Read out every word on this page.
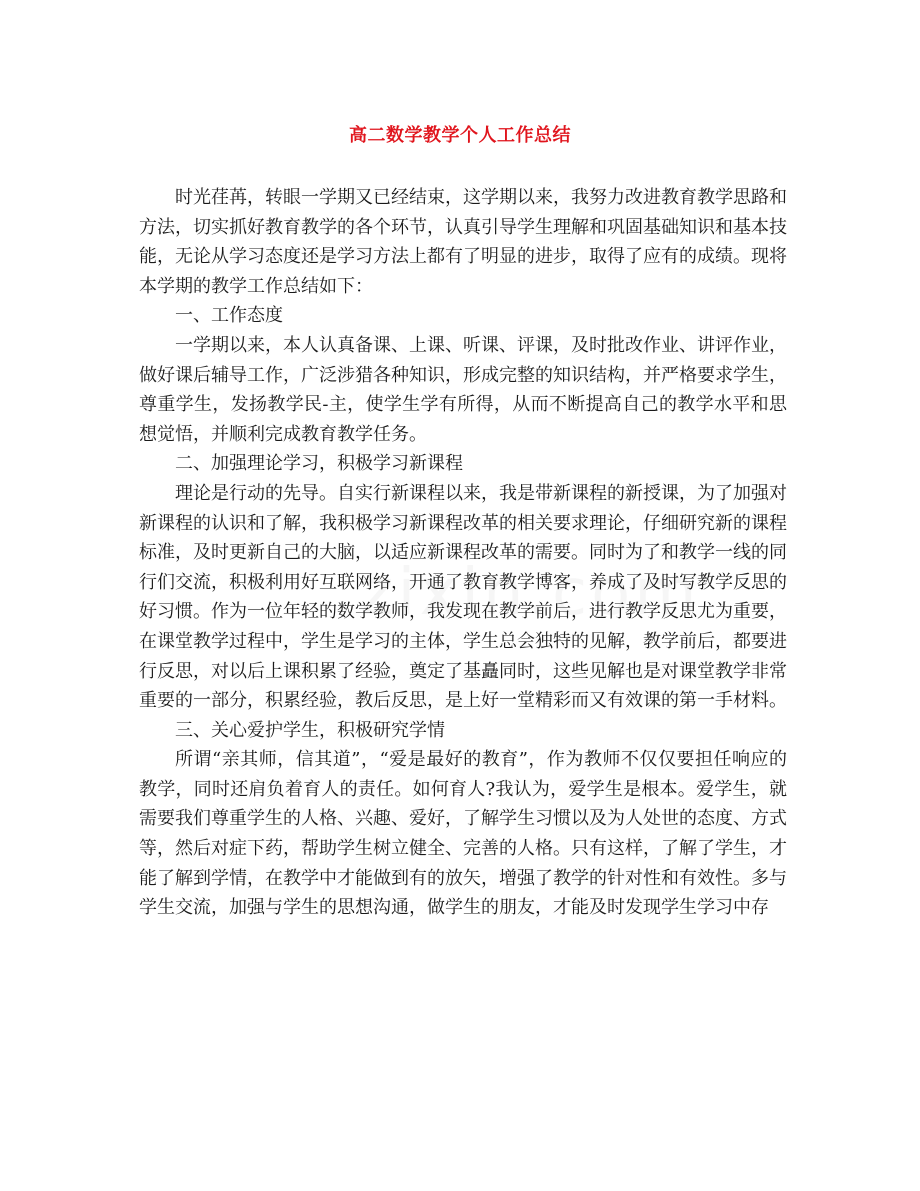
高二数学教学个人工作总结

时光荏苒，转眼一学期又已经结束，这学期以来，我努力改进教育教学思路和方法，切实抓好教育教学的各个环节，认真引导学生理解和巩固基础知识和基本技能，无论从学习态度还是学习方法上都有了明显的进步，取得了应有的成绩。现将本学期的教学工作总结如下：

一、工作态度

一学期以来，本人认真备课、上课、听课、评课，及时批改作业、讲评作业，做好课后辅导工作，广泛涉猎各种知识，形成完整的知识结构，并严格要求学生，尊重学生，发扬教学民-主，使学生学有所得，从而不断提高自己的教学水平和思想觉悟，并顺利完成教育教学任务。

二、加强理论学习，积极学习新课程

理论是行动的先导。自实行新课程以来，我是带新课程的新授课，为了加强对新课程的认识和了解，我积极学习新课程改革的相关要求理论，仔细研究新的课程标准，及时更新自己的大脑，以适应新课程改革的需要。同时为了和教学一线的同行们交流，积极利用好互联网络，开通了教育教学博客，养成了及时写教学反思的好习惯。作为一位年轻的数学教师，我发现在教学前后，进行教学反思尤为重要，在课堂教学过程中，学生是学习的主体，学生总会独特的见解，教学前后，都要进行反思，对以后上课积累了经验，奠定了基矗同时，这些见解也是对课堂教学非常重要的一部分，积累经验，教后反思，是上好一堂精彩而又有效课的第一手材料。

三、关心爱护学生，积极研究学情

所谓“亲其师，信其道”，“爱是最好的教育”，作为教师不仅仅要担任响应的教学，同时还肩负着育人的责任。如何育人?我认为，爱学生是根本。爱学生，就需要我们尊重学生的人格、兴趣、爱好，了解学生习惯以及为人处世的态度、方式等，然后对症下药，帮助学生树立健全、完善的人格。只有这样，了解了学生，才能了解到学情，在教学中才能做到有的放矢，增强了教学的针对性和有效性。多与学生交流，加强与学生的思想沟通，做学生的朋友，才能及时发现学生学习中存
